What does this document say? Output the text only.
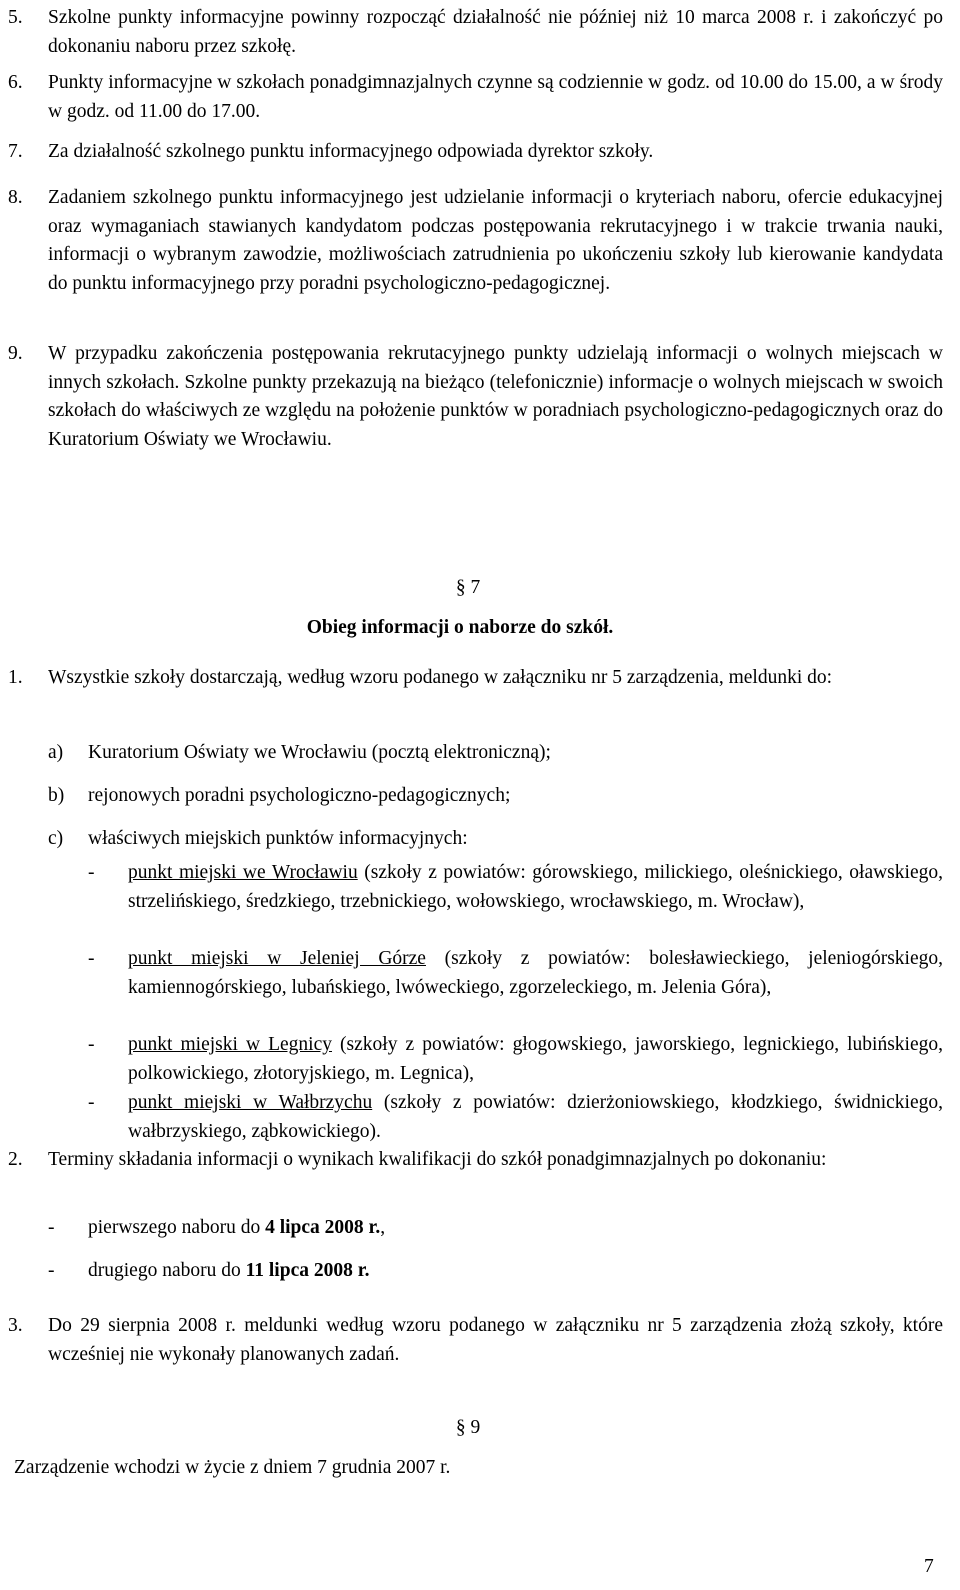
5. Szkolne punkty informacyjne powinny rozpocząć działalność nie później niż 10 marca 2008 r. i zakończyć po dokonaniu naboru przez szkołę.
6. Punkty informacyjne w szkołach ponadgimnazjalnych czynne są codziennie w godz. od 10.00 do 15.00, a w środy w godz. od 11.00 do 17.00.
7. Za działalność szkolnego punktu informacyjnego odpowiada dyrektor szkoły.
8. Zadaniem szkolnego punktu informacyjnego jest udzielanie informacji o kryteriach naboru, ofercie edukacyjnej oraz wymaganiach stawianych kandydatom podczas postępowania rekrutacyjnego i w trakcie trwania nauki, informacji o wybranym zawodzie, możliwościach zatrudnienia po ukończeniu szkoły lub kierowanie kandydata do punktu informacyjnego przy poradni psychologiczno-pedagogicznej.
9. W przypadku zakończenia postępowania rekrutacyjnego punkty udzielają informacji o wolnych miejscach w innych szkołach. Szkolne punkty przekazują na bieżąco (telefonicznie) informacje o wolnych miejscach w swoich szkołach do właściwych ze względu na położenie punktów w poradniach psychologiczno-pedagogicznych oraz do Kuratorium Oświaty we Wrocławiu.
§ 7
Obieg informacji o naborze do szkół.
1. Wszystkie szkoły dostarczają, według wzoru podanego w załączniku nr 5 zarządzenia, meldunki do:
a) Kuratorium Oświaty we Wrocławiu (pocztą elektroniczną);
b) rejonowych poradni psychologiczno-pedagogicznych;
c) właściwych miejskich punktów informacyjnych:
- punkt miejski we Wrocławiu (szkoły z powiatów: górowskiego, milickiego, oleśnickiego, oławskiego, strzelińskiego, średzkiego, trzebnickiego, wołowskiego, wrocławskiego, m. Wrocław),
- punkt miejski w Jeleniej Górze (szkoły z powiatów: bolesławieckiego, jeleniogórskiego, kamiennogórskiego, lubańskiego, lwóweckiego, zgorzeleckiego, m. Jelenia Góra),
- punkt miejski w Legnicy (szkoły z powiatów: głogowskiego, jaworskiego, legnickiego, lubińskiego, polkowickiego, złotoryjskiego, m. Legnica),
- punkt miejski w Wałbrzychu (szkoły z powiatów: dzierżoniowskiego, kłodzkiego, świdnickiego, wałbrzyskiego, ząbkowickiego).
2. Terminy składania informacji o wynikach kwalifikacji do szkół ponadgimnazjalnych po dokonaniu:
- pierwszego naboru do 4 lipca 2008 r.,
- drugiego naboru do 11 lipca 2008 r.
3. Do 29 sierpnia 2008 r. meldunki według wzoru podanego w załączniku nr 5 zarządzenia złożą szkoły, które wcześniej nie wykonały planowanych zadań.
§ 9
Zarządzenie wchodzi w życie z dniem 7 grudnia 2007 r.
7
